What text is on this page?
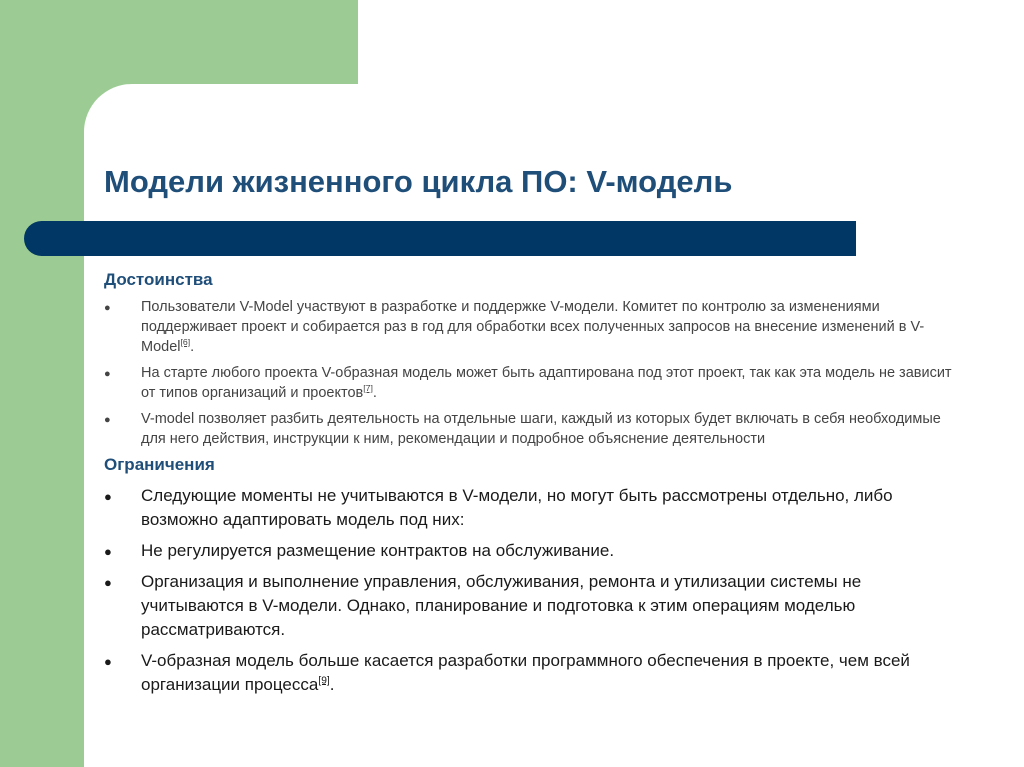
Модели жизненного цикла ПО: V-модель
Достоинства
● Пользователи V-Model участвуют в разработке и поддержке V-модели. Комитет по контролю за изменениями поддерживает проект и собирается раз в год для обработки всех полученных запросов на внесение изменений в V-Model[6].
● На старте любого проекта V-образная модель может быть адаптирована под этот проект, так как эта модель не зависит от типов организаций и проектов[7].
● V-model позволяет разбить деятельность на отдельные шаги, каждый из которых будет включать в себя необходимые для него действия, инструкции к ним, рекомендации и подробное объяснение деятельности
Ограничения
● Следующие моменты не учитываются в V-модели, но могут быть рассмотрены отдельно, либо возможно адаптировать модель под них:
● Не регулируется размещение контрактов на обслуживание.
● Организация и выполнение управления, обслуживания, ремонта и утилизации системы не учитываются в V-модели. Однако, планирование и подготовка к этим операциям моделью рассматриваются.
● V-образная модель больше касается разработки программного обеспечения в проекте, чем всей организации процесса[9].
